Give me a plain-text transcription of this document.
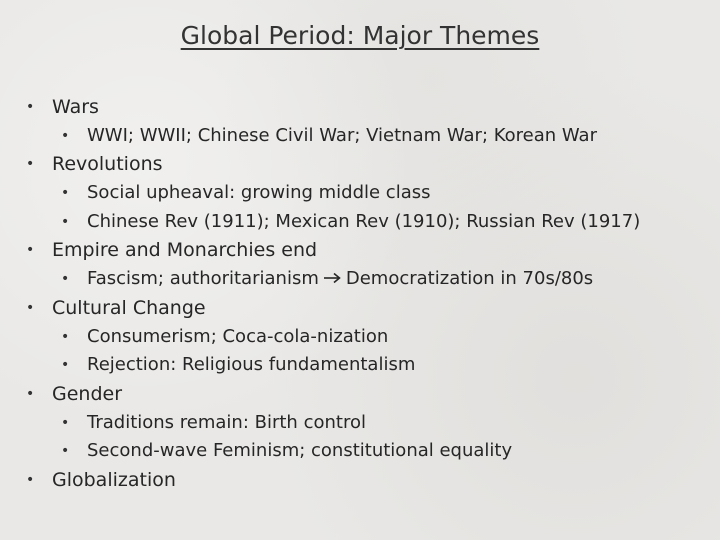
Global Period: Major Themes
• Wars
• WWI; WWII; Chinese Civil War; Vietnam War; Korean War
• Revolutions
• Social upheaval: growing middle class
• Chinese Rev (1911); Mexican Rev (1910); Russian Rev (1917)
• Empire and Monarchies end
• Fascism; authoritarianism Democratization in 70s/80s
• Cultural Change
• Consumerism; Coca-cola-nization
• Rejection: Religious fundamentalism
• Gender
• Traditions remain: Birth control
• Second-wave Feminism; constitutional equality
• Globalization
